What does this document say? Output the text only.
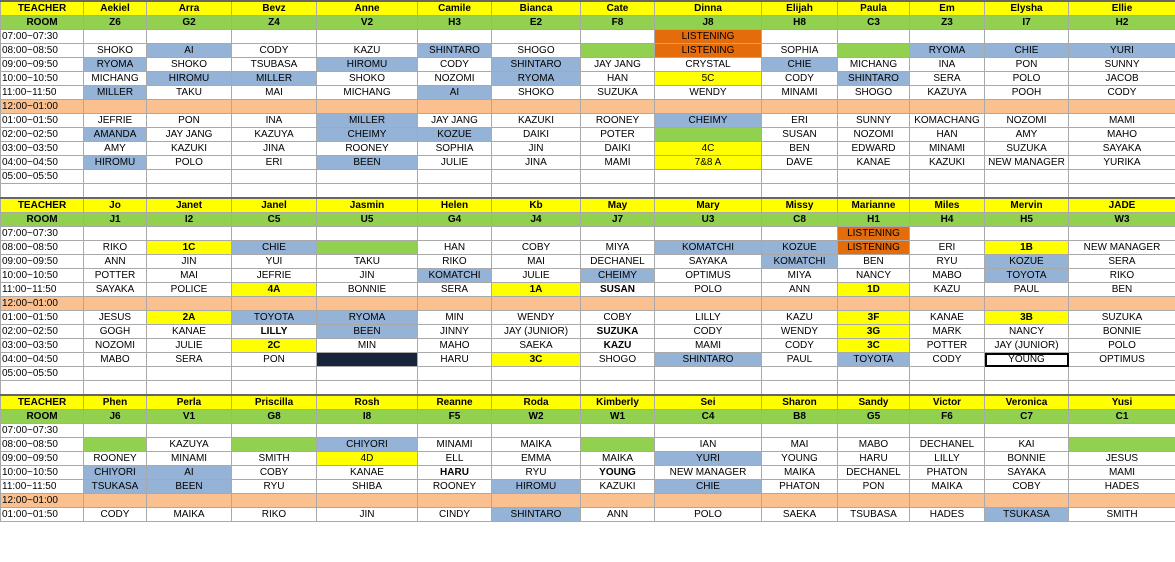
TEACHER	Aekiel	Arra	Bevz	Anne	Camile	Bianca	Cate	Dinna	Elijah	Paula	Em	Elysha	Ellie
ROOM	Z6	G2	Z4	V2	H3	E2	F8	J8	H8	C3	Z3	I7	H2
07:00~07:30								LISTENING					
08:00~08:50	SHOKO	AI	CODY	KAZU	SHINTARO	SHOGO		LISTENING	SOPHIA		RYOMA	CHIE	YURI
09:00~09:50	RYOMA	SHOKO	TSUBASA	HIROMU	CODY	SHINTARO	JAY JANG	CRYSTAL	CHIE	MICHANG	INA	PON	SUNNY
10:00~10:50	MICHANG	HIROMU	MILLER	SHOKO	NOZOMI	RYOMA	HAN	5C	CODY	SHINTARO	SERA	POLO	JACOB
11:00~11:50	MILLER	TAKU	MAI	MICHANG	AI	SHOKO	SUZUKA	WENDY	MINAMI	SHOGO	KAZUYA	POOH	CODY
12:00~01:00													
01:00~01:50	JEFRIE	PON	INA	MILLER	JAY JANG	KAZUKI	ROONEY	CHEIMY	ERI	SUNNY	KOMACHANG	NOZOMI	MAMI
02:00~02:50	AMANDA	JAY JANG	KAZUYA	CHEIMY	KOZUE	DAIKI	POTER		SUSAN	NOZOMI	HAN	AMY	MAHO
03:00~03:50	AMY	KAZUKI	JINA	ROONEY	SOPHIA	JIN	DAIKI	4C	BEN	EDWARD	MINAMI	SUZUKA	SAYAKA
04:00~04:50	HIROMU	POLO	ERI	BEEN	JULIE	JINA	MAMI	7&8 A	DAVE	KANAE	KAZUKI	NEW MANAGER	YURIKA
05:00~05:50													

TEACHER	Jo	Janet	Janel	Jasmin	Helen	Kb	May	Mary	Missy	Marianne	Miles	Mervin	JADE
ROOM	J1	I2	C5	U5	G4	J4	J7	U3	C8	H1	H4	H5	W3
07:00~07:30										LISTENING			
08:00~08:50	RIKO	1C	CHIE		HAN	COBY	MIYA	KOMATCHI	KOZUE	LISTENING	ERI	1B	NEW MANAGER
09:00~09:50	ANN	JIN	YUI	TAKU	RIKO	MAI	DECHANEL	SAYAKA	KOMATCHI	BEN	RYU	KOZUE	SERA
10:00~10:50	POTTER	MAI	JEFRIE	JIN	KOMATCHI	JULIE	CHEIMY	OPTIMUS	MIYA	NANCY	MABO	TOYOTA	RIKO
11:00~11:50	SAYAKA	POLICE	4A	BONNIE	SERA	1A	SUSAN	POLO	ANN	1D	KAZU	PAUL	BEN
12:00~01:00													
01:00~01:50	JESUS	2A	TOYOTA	RYOMA	MIN	WENDY	COBY	LILLY	KAZU	3F	KANAE	3B	SUZUKA
02:00~02:50	GOGH	KANAE	LILLY	BEEN	JINNY	JAY (JUNIOR)	SUZUKA	CODY	WENDY	3G	MARK	NANCY	BONNIE
03:00~03:50	NOZOMI	JULIE	2C	MIN	MAHO	SAEKA	KAZU	MAMI	CODY	3C	POTTER	JAY (JUNIOR)	POLO
04:00~04:50	MABO	SERA	PON		HARU	3C	SHOGO	SHINTARO	PAUL	TOYOTA	CODY	YOUNG	OPTIMUS
05:00~05:50													

TEACHER	Phen	Perla	Priscilla	Rosh	Reanne	Roda	Kimberly	Sei	Sharon	Sandy	Victor	Veronica	Yusi
ROOM	J6	V1	G8	I8	F5	W2	W1	C4	B8	G5	F6	C7	C1
07:00~07:30													
08:00~08:50		KAZUYA		CHIYORI	MINAMI	MAIKA		IAN	MAI	MABO	DECHANEL	KAI	
09:00~09:50	ROONEY	MINAMI	SMITH	4D	ELL	EMMA	MAIKA	YURI	YOUNG	HARU	LILLY	BONNIE	JESUS
10:00~10:50	CHIYORI	AI	COBY	KANAE	HARU	RYU	YOUNG	NEW MANAGER	MAIKA	DECHANEL	PHATON	SAYAKA	MAMI
11:00~11:50	TSUKASA	BEEN	RYU	SHIBA	ROONEY	HIROMU	KAZUKI	CHIE	PHATON	PON	MAIKA	COBY	HADES
12:00~01:00													
01:00~01:50	CODY	MAIKA	RIKO	JIN	CINDY	SHINTARO	ANN	POLO	SAEKA	TSUBASA	HADES	TSUKASA	SMITH
